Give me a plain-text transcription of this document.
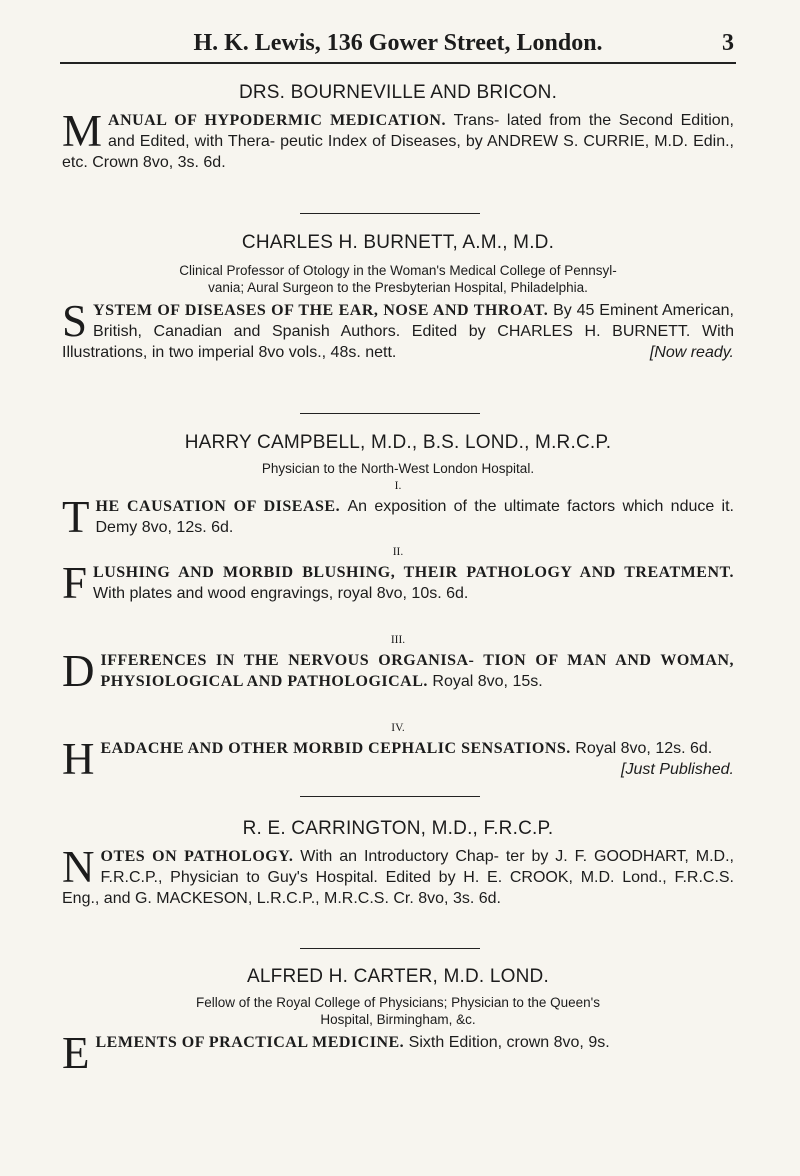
H. K. Lewis, 136 Gower Street, London.	3
DRS. BOURNEVILLE AND BRICON.
M ANUAL OF HYPODERMIC MEDICATION. Trans- lated from the Second Edition, and Edited, with Thera- peutic Index of Diseases, by ANDREW S. CURRIE, M.D. Edin., etc. Crown 8vo, 3s. 6d.
CHARLES H. BURNETT, A.M., M.D.
Clinical Professor of Otology in the Woman's Medical College of Pennsyl-
vania; Aural Surgeon to the Presbyterian Hospital, Philadelphia.
S YSTEM OF DISEASES OF THE EAR, NOSE AND THROAT. By 45 Eminent American, British, Canadian and Spanish Authors. Edited by CHARLES H. BURNETT. With Illustrations, in two imperial 8vo vols., 48s. nett.	[Now ready.
HARRY CAMPBELL, M.D., B.S. LOND., M.R.C.P.
Physician to the North-West London Hospital.
I.
T HE CAUSATION OF DISEASE. An exposition of the ultimate factors which nduce it. Demy 8vo, 12s. 6d.
II.
F LUSHING AND MORBID BLUSHING, THEIR PATHOLOGY AND TREATMENT. With plates and wood engravings, royal 8vo, 10s. 6d.
III.
D IFFERENCES IN THE NERVOUS ORGANISA- TION OF MAN AND WOMAN, PHYSIOLOGICAL AND PATHOLOGICAL. Royal 8vo, 15s.
IV.
H EADACHE AND OTHER MORBID CEPHALIC SENSATIONS. Royal 8vo, 12s. 6d.
[Just Published.
R. E. CARRINGTON, M.D., F.R.C.P.
N OTES ON PATHOLOGY. With an Introductory Chap- ter by J. F. GOODHART, M.D., F.R.C.P., Physician to Guy's Hospital. Edited by H. E. CROOK, M.D. Lond., F.R.C.S. Eng., and G. MACKESON, L.R.C.P., M.R.C.S. Cr. 8vo, 3s. 6d.
ALFRED H. CARTER, M.D. LOND.
Fellow of the Royal College of Physicians; Physician to the Queen's
Hospital, Birmingham, &c.
E LEMENTS OF PRACTICAL MEDICINE. Sixth Edition, crown 8vo, 9s.
